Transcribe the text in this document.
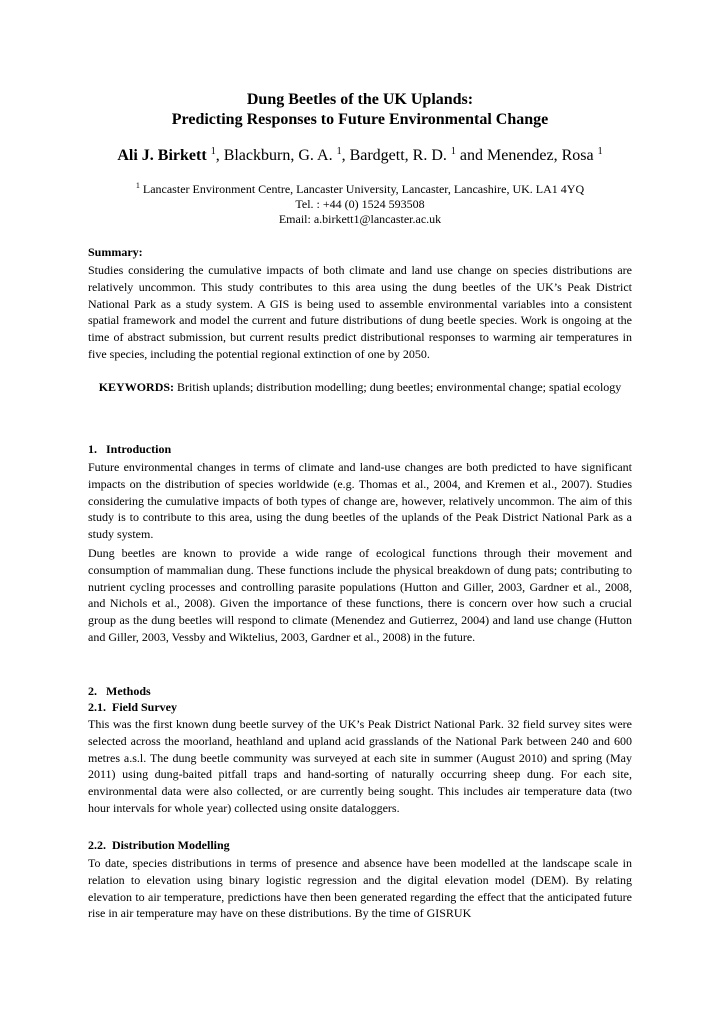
Dung Beetles of the UK Uplands:
Predicting Responses to Future Environmental Change
Ali J. Birkett $^1$, Blackburn, G. A. $^1$, Bardgett, R. D. $^1$ and Menendez, Rosa $^1$
$^1$ Lancaster Environment Centre, Lancaster University, Lancaster, Lancashire, UK. LA1 4YQ
Tel. : +44 (0) 1524 593508
Email: a.birkett1@lancaster.ac.uk
Summary:
Studies considering the cumulative impacts of both climate and land use change on species distributions are relatively uncommon. This study contributes to this area using the dung beetles of the UK’s Peak District National Park as a study system. A GIS is being used to assemble environmental variables into a consistent spatial framework and model the current and future distributions of dung beetle species. Work is ongoing at the time of abstract submission, but current results predict distributional responses to warming air temperatures in five species, including the potential regional extinction of one by 2050.
KEYWORDS: British uplands; distribution modelling; dung beetles; environmental change; spatial ecology
1.   Introduction
Future environmental changes in terms of climate and land-use changes are both predicted to have significant impacts on the distribution of species worldwide (e.g. Thomas et al., 2004, and Kremen et al., 2007). Studies considering the cumulative impacts of both types of change are, however, relatively uncommon. The aim of this study is to contribute to this area, using the dung beetles of the uplands of the Peak District National Park as a study system.
Dung beetles are known to provide a wide range of ecological functions through their movement and consumption of mammalian dung. These functions include the physical breakdown of dung pats; contributing to nutrient cycling processes and controlling parasite populations (Hutton and Giller, 2003, Gardner et al., 2008, and Nichols et al., 2008). Given the importance of these functions, there is concern over how such a crucial group as the dung beetles will respond to climate (Menendez and Gutierrez, 2004) and land use change (Hutton and Giller, 2003, Vessby and Wiktelius, 2003, Gardner et al., 2008) in the future.
2.   Methods
2.1.  Field Survey
This was the first known dung beetle survey of the UK’s Peak District National Park. 32 field survey sites were selected across the moorland, heathland and upland acid grasslands of the National Park between 240 and 600 metres a.s.l. The dung beetle community was surveyed at each site in summer (August 2010) and spring (May 2011) using dung-baited pitfall traps and hand-sorting of naturally occurring sheep dung. For each site, environmental data were also collected, or are currently being sought. This includes air temperature data (two hour intervals for whole year) collected using onsite dataloggers.
2.2.  Distribution Modelling
To date, species distributions in terms of presence and absence have been modelled at the landscape scale in relation to elevation using binary logistic regression and the digital elevation model (DEM). By relating elevation to air temperature, predictions have then been generated regarding the effect that the anticipated future rise in air temperature may have on these distributions. By the time of GISRUK
